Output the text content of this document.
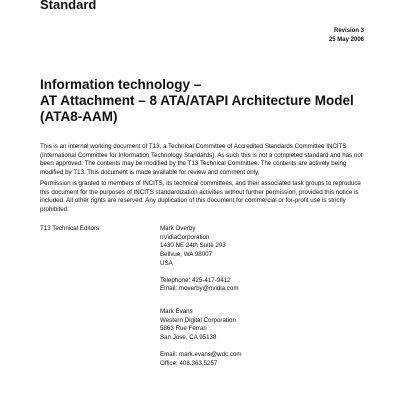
Standard
Revision 3
25 May 2006
Information technology –
AT Attachment – 8 ATA/ATAPI Architecture Model
(ATA8-AAM)
This is an internal working document of T13, a Technical Committee of Accredited Standards Committee INCITS (International Committee for Information Technology Standards). As such this is not a completed standard and has not been approved. The contents may be modified by the T13 Technical Committee. The contents are actively being modified by T13. This document is made available for review and comment only.
Permission is granted to members of INCITS, its technical committees, and their associated task groups to reproduce this document for the purposes of INCITS standardization activities without further permission, provided this notice is included. All other rights are reserved. Any duplication of this document for commercial or for-profit use is strictly prohibited.
T13 Technical Editors:	Mark Overby
nVidiaCorporation
1430 NE 24th Suite 203
Bellvue, WA 98007
USA
Telephone: 425-417-9412
Email: moverby@nvidia.com
Mark Evans
Western Digital Corporation
5863 Rue Ferrari
San Jose, CA 95138
Email: mark.evans@wdc.com
Office: 408.363.5257
